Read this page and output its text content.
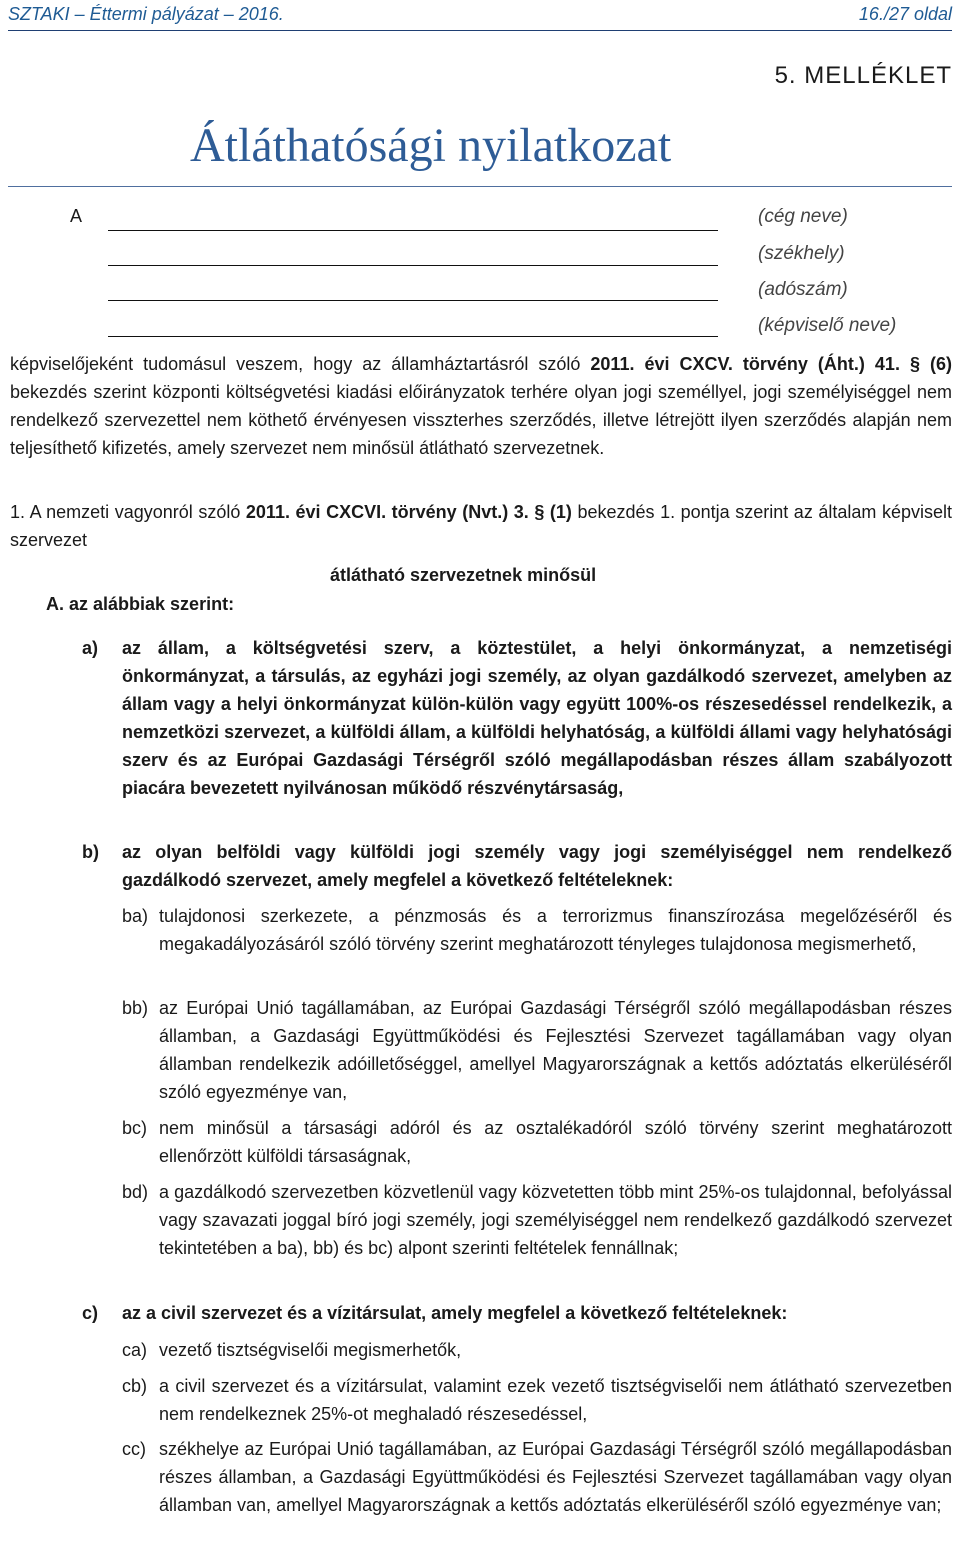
SZTAKI – Éttermi pályázat – 2016.	16./27 oldal
5. MELLÉKLET
Átláthatósági nyilatkozat
A	(cég neve)
(székhely)
(adószám)
(képviselő neve)
képviselőjeként tudomásul veszem, hogy az államháztartásról szóló 2011. évi CXCV. törvény (Áht.) 41. § (6) bekezdés szerint központi költségvetési kiadási előirányzatok terhére olyan jogi személlyel, jogi személyiséggel nem rendelkező szervezettel nem köthető érvényesen visszterhes szerződés, illetve létrejött ilyen szerződés alapján nem teljesíthető kifizetés, amely szervezet nem minősül átlátható szervezetnek.
1. A nemzeti vagyonról szóló 2011. évi CXCVI. törvény (Nvt.) 3. § (1) bekezdés 1. pontja szerint az általam képviselt szervezet
átlátható szervezetnek minősül
A. az alábbiak szerint:
a) az állam, a költségvetési szerv, a köztestület, a helyi önkormányzat, a nemzetiségi önkormányzat, a társulás, az egyházi jogi személy, az olyan gazdálkodó szervezet, amelyben az állam vagy a helyi önkormányzat külön-külön vagy együtt 100%-os részesedéssel rendelkezik, a nemzetközi szervezet, a külföldi állam, a külföldi helyhatóság, a külföldi állami vagy helyhatósági szerv és az Európai Gazdasági Térségről szóló megállapodásban részes állam szabályozott piacára bevezetett nyilvánosan működő részvénytársaság,
b) az olyan belföldi vagy külföldi jogi személy vagy jogi személyiséggel nem rendelkező gazdálkodó szervezet, amely megfelel a következő feltételeknek:
ba) tulajdonosi szerkezete, a pénzmosás és a terrorizmus finanszírozása megelőzéséről és megakadályozásáról szóló törvény szerint meghatározott tényleges tulajdonosa megismerhető,
bb) az Európai Unió tagállamában, az Európai Gazdasági Térségről szóló megállapodásban részes államban, a Gazdasági Együttműködési és Fejlesztési Szervezet tagállamában vagy olyan államban rendelkezik adóilletőséggel, amellyel Magyarországnak a kettős adóztatás elkerüléséről szóló egyezménye van,
bc) nem minősül a társasági adóról és az osztalékadóról szóló törvény szerint meghatározott ellenőrzött külföldi társaságnak,
bd) a gazdálkodó szervezetben közvetlenül vagy közvetetten több mint 25%-os tulajdonnal, befolyással vagy szavazati joggal bíró jogi személy, jogi személyiséggel nem rendelkező gazdálkodó szervezet tekintetében a ba), bb) és bc) alpont szerinti feltételek fennállnak;
c) az a civil szervezet és a vízitársulat, amely megfelel a következő feltételeknek:
ca) vezető tisztségviselői megismerhetők,
cb) a civil szervezet és a vízitársulat, valamint ezek vezető tisztségviselői nem átlátható szervezetben nem rendelkeznek 25%-ot meghaladó részesedéssel,
cc) székhelye az Európai Unió tagállamában, az Európai Gazdasági Térségről szóló megállapodásban részes államban, a Gazdasági Együttműködési és Fejlesztési Szervezet tagállamában vagy olyan államban van, amellyel Magyarországnak a kettős adóztatás elkerüléséről szóló egyezménye van;
